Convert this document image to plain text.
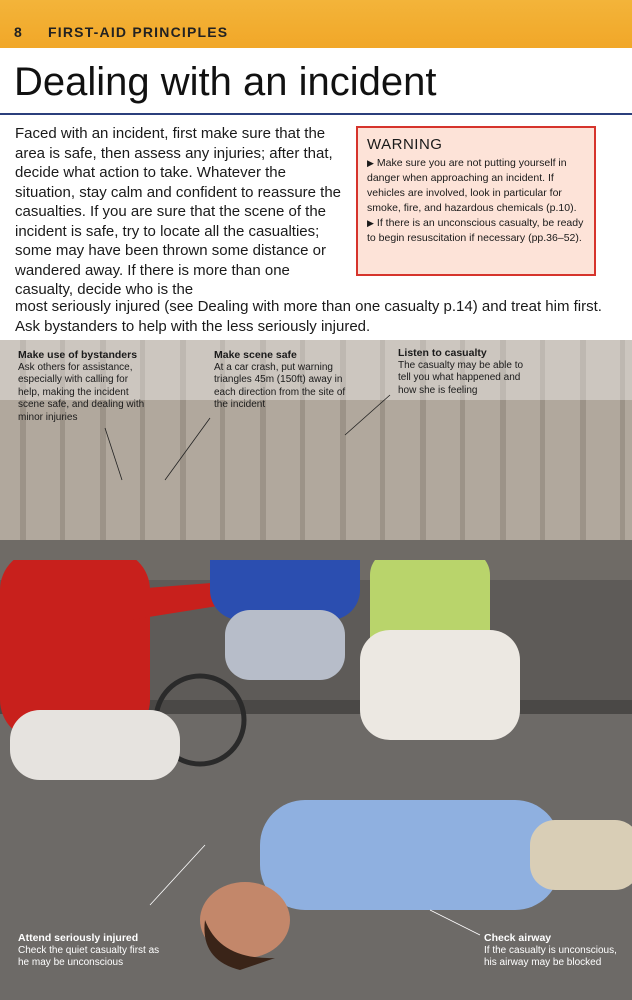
8 FIRST-AID PRINCIPLES
Dealing with an incident

Faced with an incident, first make sure that the area is safe, then assess any injuries; after that, decide what action to take. Whatever the situation, stay calm and confident to reassure the casualties. If you are sure that the scene of the incident is safe, try to locate all the casualties; some may have been thrown some distance or wandered away. If there is more than one casualty, decide who is the

most seriously injured (see Dealing with more than one casualty p.14) and treat him first. Ask bystanders to help with the less seriously injured.

WARNING

▶ Make sure you are not putting yourself in danger when approaching an incident. If vehicles are involved, look in particular for smoke, fire, and hazardous chemicals (p.10).

▶ If there is an unconscious casualty, be ready to begin resuscitation if necessary (pp.36–52).

Make use of bystanders
Ask others for assistance, especially with calling for help, making the incident scene safe, and dealing with minor injuries
Make scene safe
At a car crash, put warning triangles 45m (150ft) away in each direction from the site of the incident
Listen to casualty
The casualty may be able to tell you what happened and how she is feeling
Attend seriously injured
Check the quiet casualty first as he may be unconscious
Check airway
If the casualty is unconscious, his airway may be blocked
